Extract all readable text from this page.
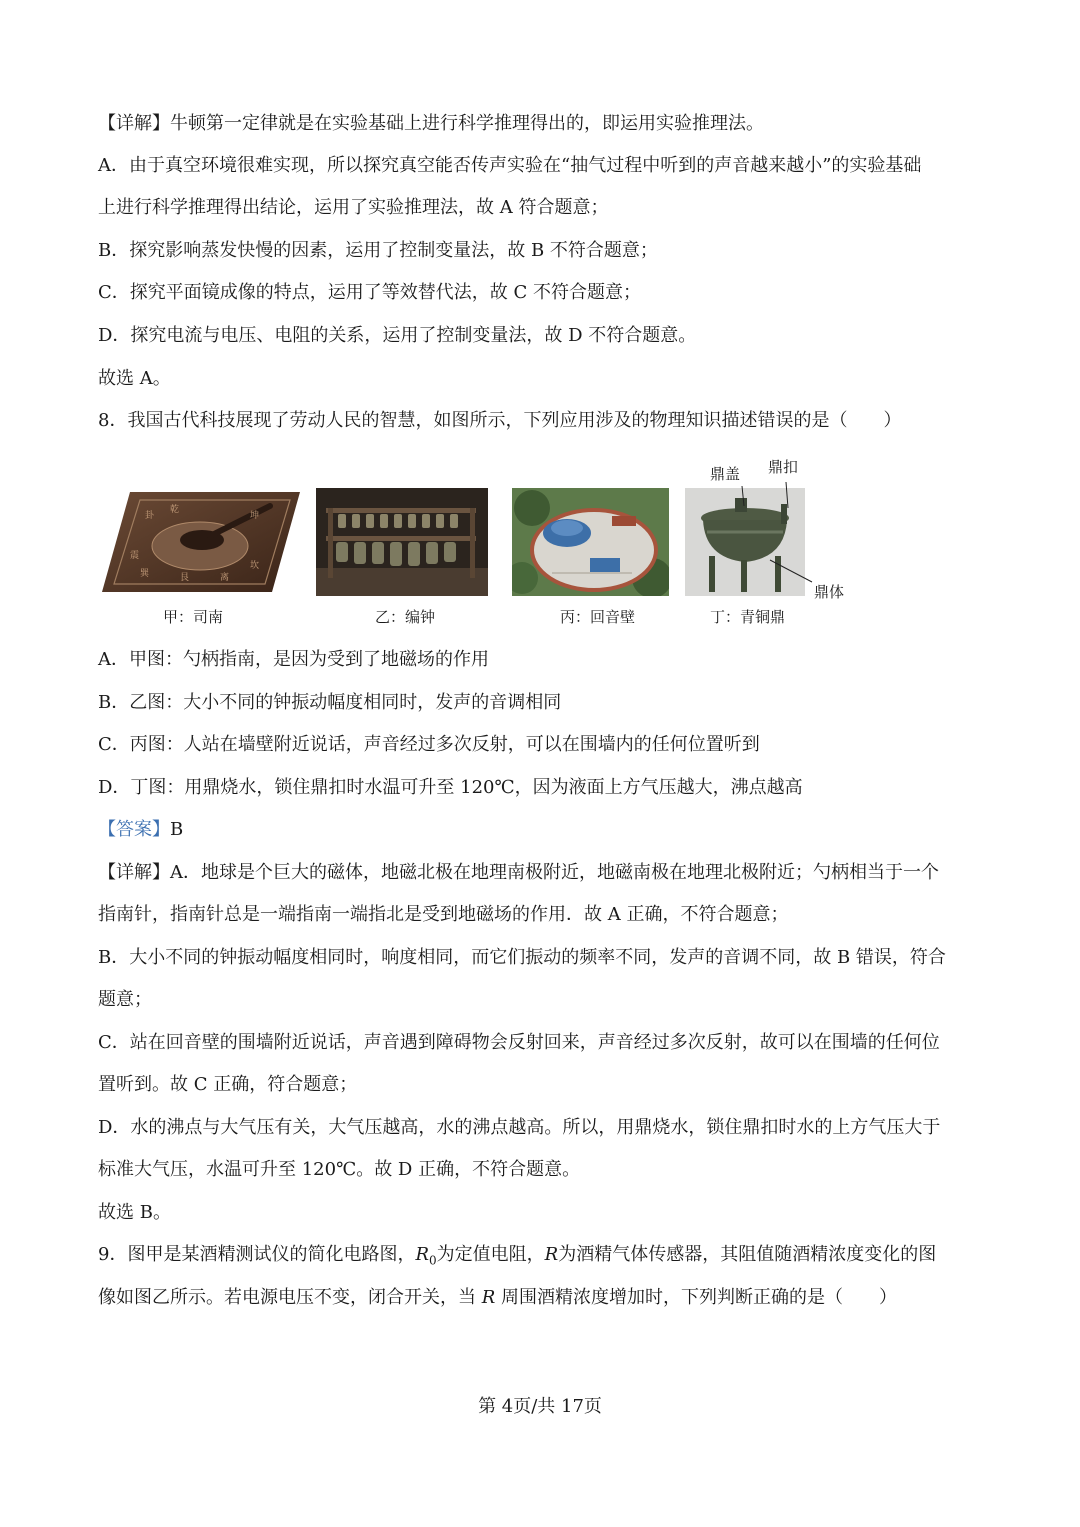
【详解】牛顿第一定律就是在实验基础上进行科学推理得出的，即运用实验推理法。
A．由于真空环境很难实现，所以探究真空能否传声实验在“抽气过程中听到的声音越来越小”的实验基础
上进行科学推理得出结论，运用了实验推理法，故 A 符合题意；
B．探究影响蒸发快慢的因素，运用了控制变量法，故 B 不符合题意；
C．探究平面镜成像的特点，运用了等效替代法，故 C 不符合题意；
D．探究电流与电压、电阻的关系，运用了控制变量法，故 D 不符合题意。
故选 A。
8．我国古代科技展现了劳动人民的智慧，如图所示，下列应用涉及的物理知识描述错误的是（　　）
卦
乾
坤
震
巽
坎
离
艮
鼎盖 鼎扣
鼎体
甲：司南	乙：编钟	丙：回音壁	丁：青铜鼎
A．甲图：勺柄指南，是因为受到了地磁场的作用
B．乙图：大小不同的钟振动幅度相同时，发声的音调相同
C．丙图：人站在墙壁附近说话，声音经过多次反射，可以在围墙内的任何位置听到
D．丁图：用鼎烧水，锁住鼎扣时水温可升至 120℃，因为液面上方气压越大，沸点越高
【答案】B
【详解】A．地球是个巨大的磁体，地磁北极在地理南极附近，地磁南极在地理北极附近；勺柄相当于一个
指南针，指南针总是一端指南一端指北是受到地磁场的作用．故 A 正确，不符合题意；
B．大小不同的钟振动幅度相同时，响度相同，而它们振动的频率不同，发声的音调不同，故 B 错误，符合
题意；
C．站在回音壁的围墙附近说话，声音遇到障碍物会反射回来，声音经过多次反射，故可以在围墙的任何位
置听到。故 C 正确，符合题意；
D．水的沸点与大气压有关，大气压越高，水的沸点越高。所以，用鼎烧水，锁住鼎扣时水的上方气压大于
标准大气压，水温可升至 120℃。故 D 正确，不符合题意。
故选 B。
9．图甲是某酒精测试仪的简化电路图，$R_0$为定值电阻，R为酒精气体传感器，其阻值随酒精浓度变化的图
像如图乙所示。若电源电压不变，闭合开关，当 R 周围酒精浓度增加时，下列判断正确的是（　　）
第 4页/共 17页
